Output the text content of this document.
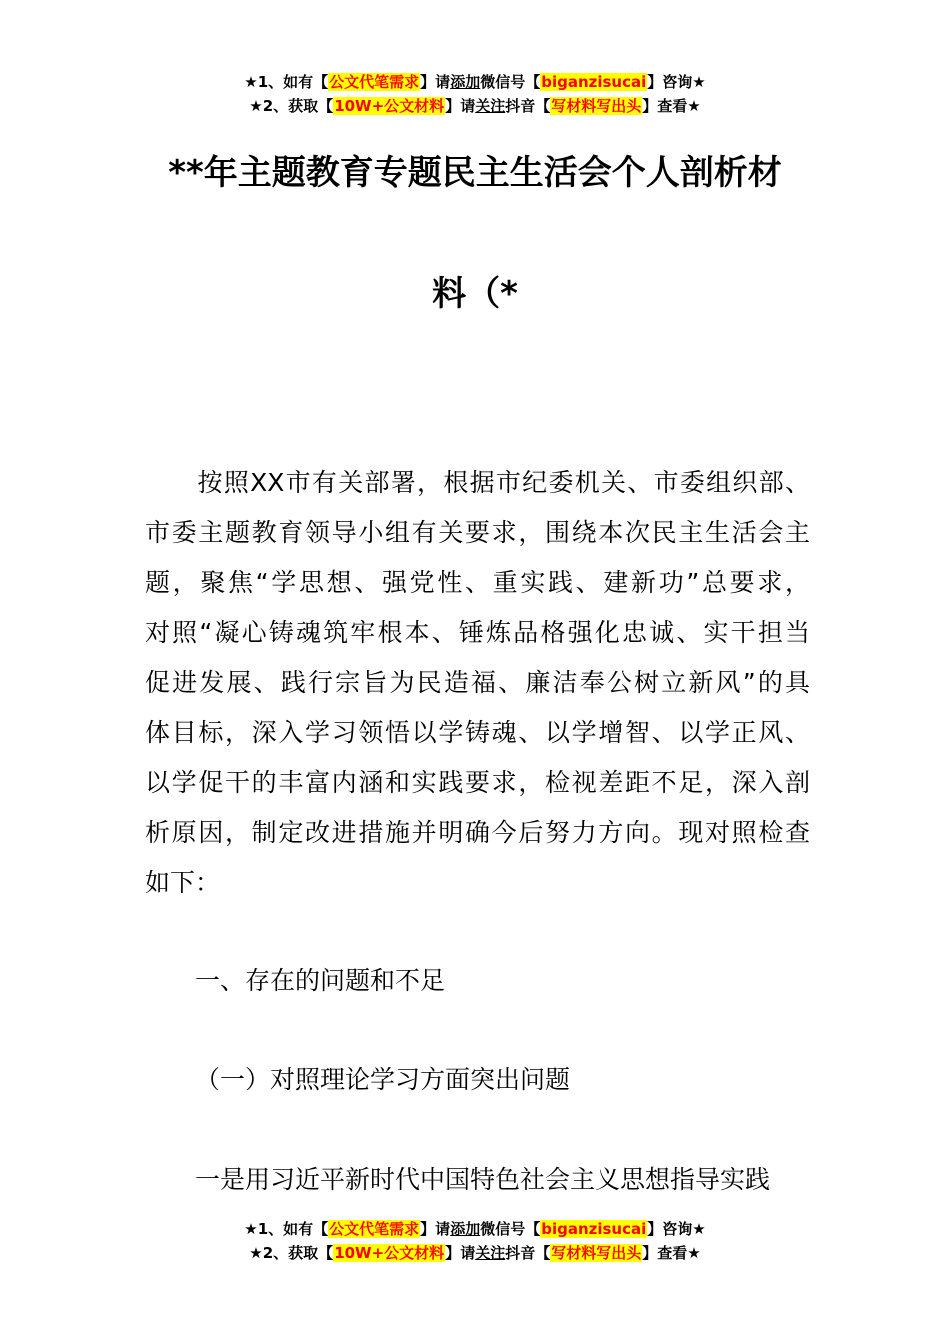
★1、如有【公文代笔需求】请添加微信号【biganzisucai】咨询★
★2、获取【10W+公文材料】请关注抖音【写材料写出头】查看★
**年主题教育专题民主生活会个人剖析材
料（*
　　按照XX市有关部署，根据市纪委机关、市委组织部、
市委主题教育领导小组有关要求，围绕本次民主生活会主
题，聚焦“学思想、强党性、重实践、建新功”总要求，
对照“凝心铸魂筑牢根本、锤炼品格强化忠诚、实干担当
促进发展、践行宗旨为民造福、廉洁奉公树立新风”的具
体目标，深入学习领悟以学铸魂、以学增智、以学正风、
以学促干的丰富内涵和实践要求，检视差距不足，深入剖
析原因，制定改进措施并明确今后努力方向。现对照检查
如下：
一、存在的问题和不足
（一）对照理论学习方面突出问题
一是用习近平新时代中国特色社会主义思想指导实践
★1、如有【公文代笔需求】请添加微信号【biganzisucai】咨询★
★2、获取【10W+公文材料】请关注抖音【写材料写出头】查看★
